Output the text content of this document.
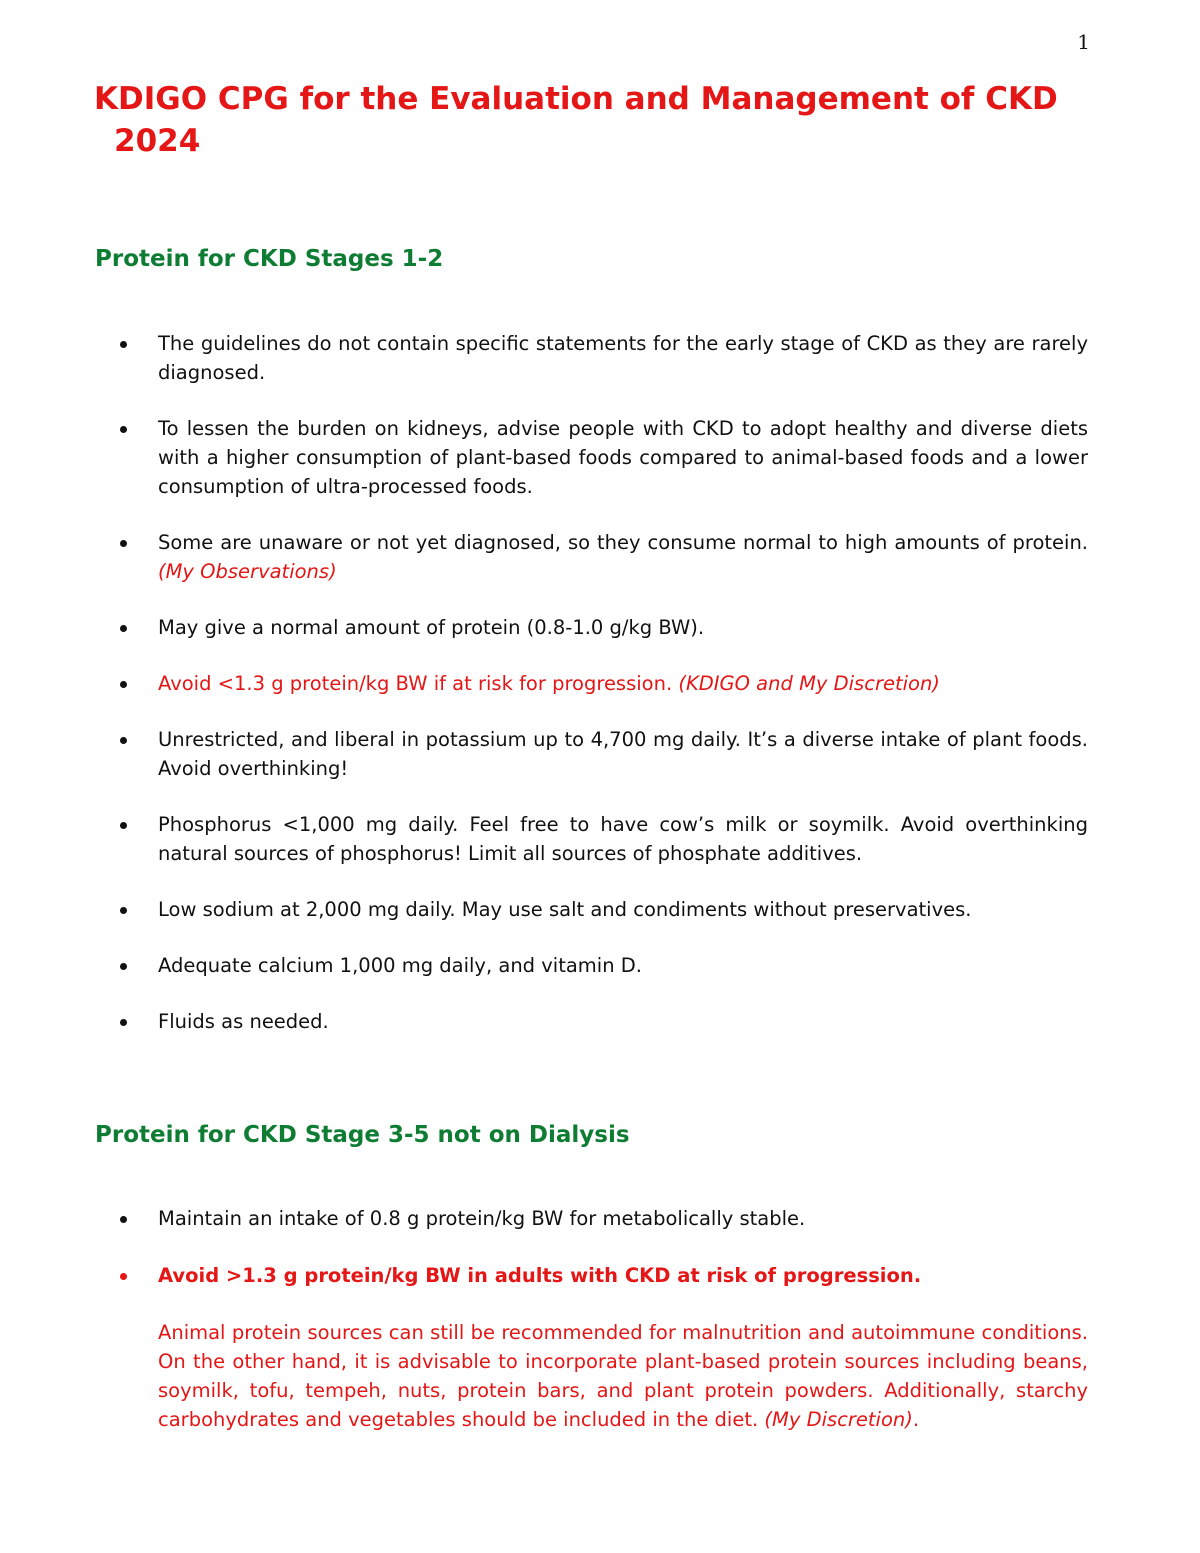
1
KDIGO CPG for the Evaluation and Management of CKD
2024
Protein for CKD Stages 1-2
The guidelines do not contain specific statements for the early stage of CKD as they are rarely diagnosed.
To lessen the burden on kidneys, advise people with CKD to adopt healthy and diverse diets with a higher consumption of plant-based foods compared to animal-based foods and a lower consumption of ultra-processed foods.
Some are unaware or not yet diagnosed, so they consume normal to high amounts of protein. (My Observations)
May give a normal amount of protein (0.8-1.0 g/kg BW).
Avoid <1.3 g protein/kg BW if at risk for progression. (KDIGO and My Discretion)
Unrestricted, and liberal in potassium up to 4,700 mg daily. It’s a diverse intake of plant foods. Avoid overthinking!
Phosphorus <1,000 mg daily. Feel free to have cow’s milk or soymilk. Avoid overthinking natural sources of phosphorus! Limit all sources of phosphate additives.
Low sodium at 2,000 mg daily. May use salt and condiments without preservatives.
Adequate calcium 1,000 mg daily, and vitamin D.
Fluids as needed.
Protein for CKD Stage 3-5 not on Dialysis
Maintain an intake of 0.8 g protein/kg BW for metabolically stable.
Avoid >1.3 g protein/kg BW in adults with CKD at risk of progression.

Animal protein sources can still be recommended for malnutrition and autoimmune conditions. On the other hand, it is advisable to incorporate plant-based protein sources including beans, soymilk, tofu, tempeh, nuts, protein bars, and plant protein powders. Additionally, starchy carbohydrates and vegetables should be included in the diet. (My Discretion).
